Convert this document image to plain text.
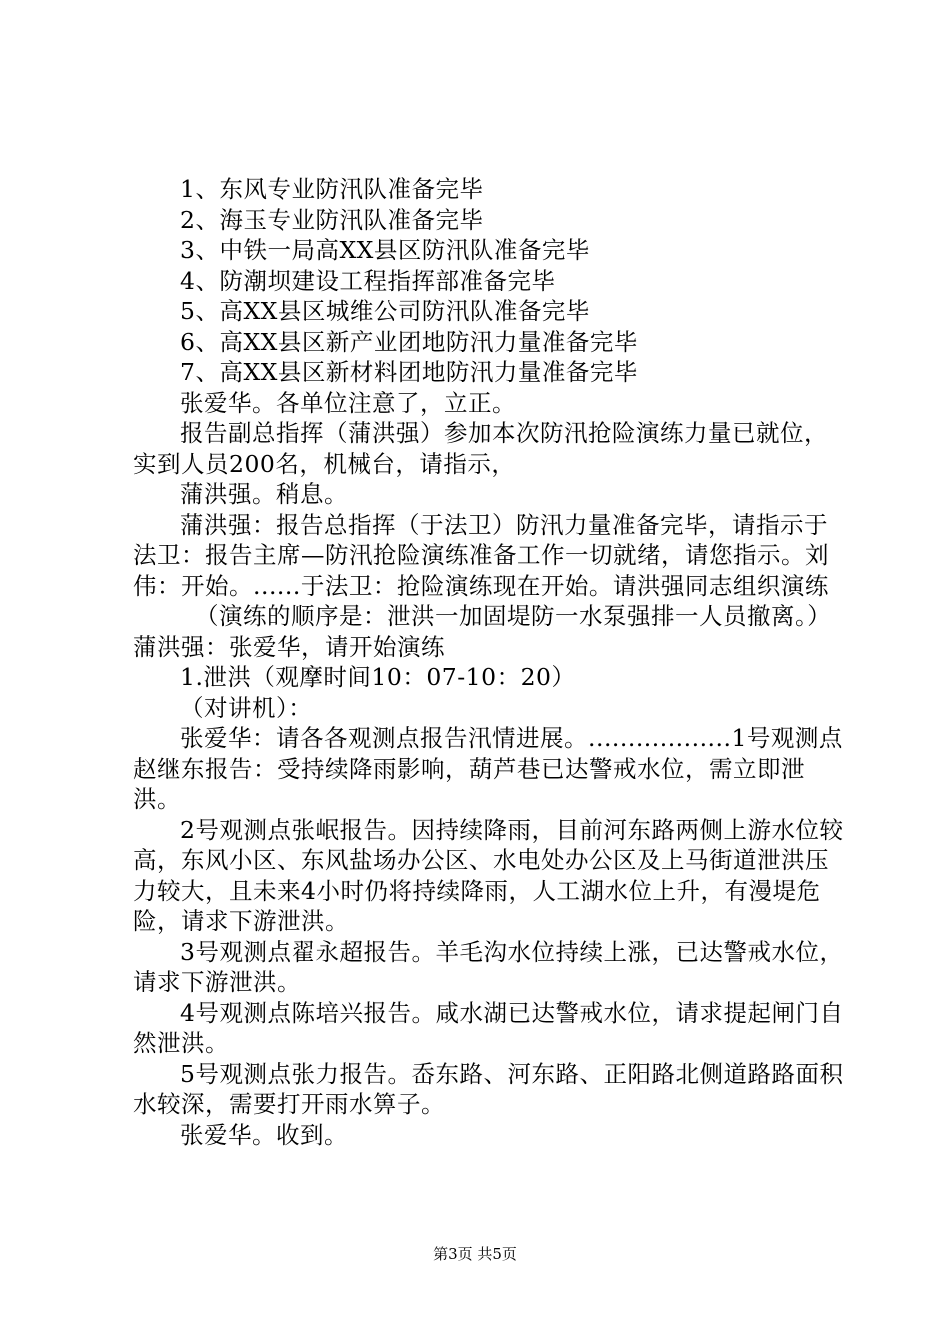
1、东风专业防汛队准备完毕

2、海玉专业防汛队准备完毕

3、中铁一局高XX县区防汛队准备完毕

4、防潮坝建设工程指挥部准备完毕

5、高XX县区城维公司防汛队准备完毕

6、高XX县区新产业团地防汛力量准备完毕

7、高XX县区新材料团地防汛力量准备完毕

张爱华。各单位注意了，立正。

报告副总指挥（蒲洪强）参加本次防汛抢险演练力量已就位，实到人员200名，机械台，请指示，

蒲洪强。稍息。

蒲洪强：报告总指挥（于法卫）防汛力量准备完毕，请指示于法卫：报告主席—防汛抢险演练准备工作一切就绪，请您指示。刘伟：开始。......于法卫：抢险演练现在开始。请洪强同志组织演练

（演练的顺序是：泄洪一加固堤防一水泵强排一人员撤离。）蒲洪强：张爱华，请开始演练

1.泄洪（观摩时间10：07-10：20）

（对讲机）：

张爱华：请各各观测点报告汛情进展。..................1号观测点赵继东报告：受持续降雨影响，葫芦巷已达警戒水位，需立即泄洪。

2号观测点张岷报告。因持续降雨，目前河东路两侧上游水位较高，东风小区、东风盐场办公区、水电处办公区及上马街道泄洪压力较大，且未来4小时仍将持续降雨，人工湖水位上升，有漫堤危险，请求下游泄洪。

3号观测点翟永超报告。羊毛沟水位持续上涨，已达警戒水位，请求下游泄洪。

4号观测点陈培兴报告。咸水湖已达警戒水位，请求提起闸门自然泄洪。

5号观测点张力报告。岙东路、河东路、正阳路北侧道路路面积水较深，需要打开雨水箅子。

张爱华。收到。

第3页 共5页
